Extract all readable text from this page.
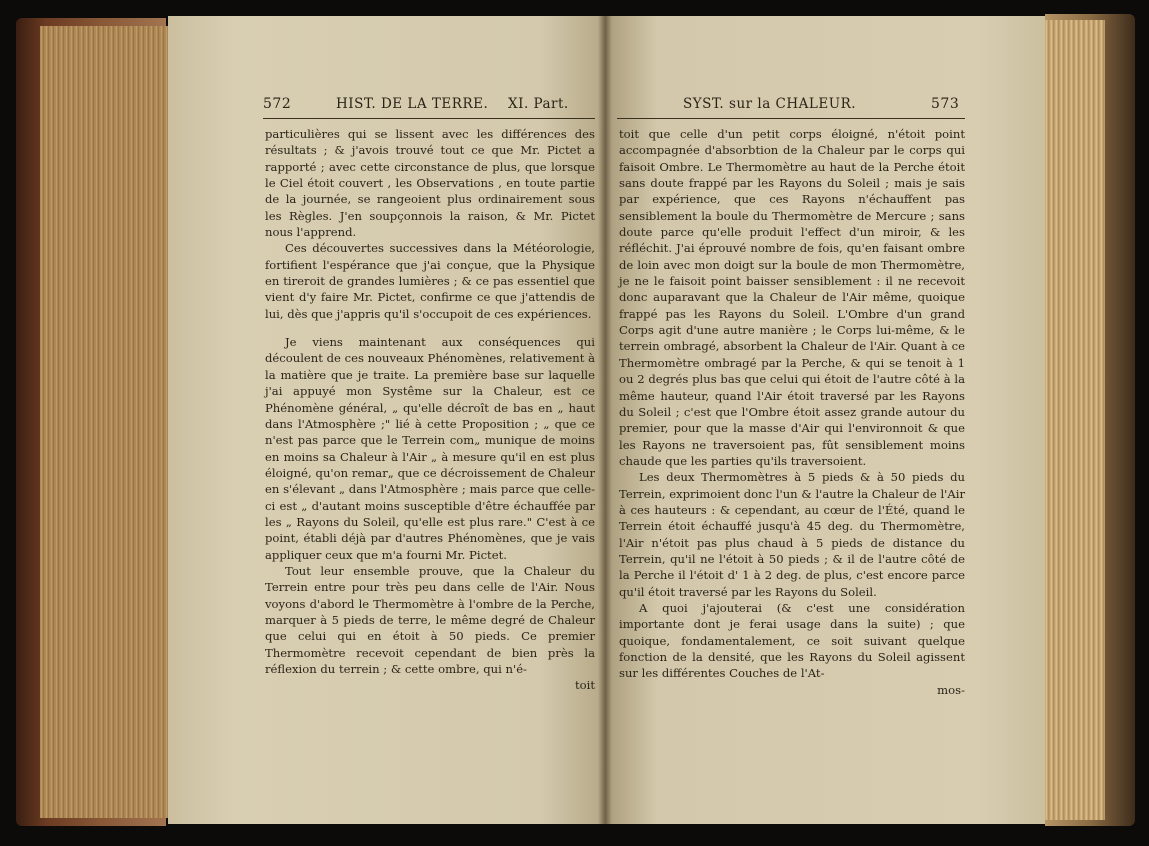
572	HIST. DE LA TERRE. XI. Part.

particulières qui se lissent avec les différences des résultats ; & j'avois trouvé tout ce que Mr. Pictet a rapporté ; avec cette circonstance de plus, que lorsque le Ciel étoit couvert , les Observations , en toute partie de la journée, se rangeoient plus ordinairement sous les Règles. J'en soupçonnois la raison, & Mr. Pictet nous l'apprend.

Ces découvertes successives dans la Météorologie, fortifient l'espérance que j'ai conçue, que la Physique en tireroit de grandes lumières ; & ce pas essentiel que vient d'y faire Mr. Pictet, confirme ce que j'attendis de lui, dès que j'appris qu'il s'occupoit de ces expériences.

Je viens maintenant aux conséquences qui découlent de ces nouveaux Phénomènes, relativement à la matière que je traite. La première base sur laquelle j'ai appuyé mon Systême sur la Chaleur, est ce Phénomène général, „ qu'elle décroît de bas en „ haut dans l'Atmosphère ;" lié à cette Proposition ; „ que ce n'est pas parce que le Terrein com„ munique de moins en moins sa Chaleur à l'Air „ à mesure qu'il en est plus éloigné, qu'on remar„ que ce décroissement de Chaleur en s'élevant „ dans l'Atmosphère ; mais parce que celle-ci est „ d'autant moins susceptible d'être échauffée par les „ Rayons du Soleil, qu'elle est plus rare." C'est à ce point, établi déjà par d'autres Phénomènes, que je vais appliquer ceux que m'a fourni Mr. Pictet.

Tout leur ensemble prouve, que la Chaleur du Terrein entre pour très peu dans celle de l'Air. Nous voyons d'abord le Thermomètre à l'ombre de la Perche, marquer à 5 pieds de terre, le même degré de Chaleur que celui qui en étoit à 50 pieds. Ce premier Thermomètre recevoit cependant de bien près la réflexion du terrein ; & cette ombre, qui n'é-

toit

SYST. sur la CHALEUR.	573

toit que celle d'un petit corps éloigné, n'étoit point accompagnée d'absorbtion de la Chaleur par le corps qui faisoit Ombre. Le Thermomètre au haut de la Perche étoit sans doute frappé par les Rayons du Soleil ; mais je sais par expérience, que ces Rayons n'échauffent pas sensiblement la boule du Thermomètre de Mercure ; sans doute parce qu'elle produit l'effect d'un miroir, & les réfléchit. J'ai éprouvé nombre de fois, qu'en faisant ombre de loin avec mon doigt sur la boule de mon Thermomètre, je ne le faisoit point baisser sensiblement : il ne recevoit donc auparavant que la Chaleur de l'Air même, quoique frappé pas les Rayons du Soleil. L'Ombre d'un grand Corps agit d'une autre manière ; le Corps lui-même, & le terrein ombragé, absorbent la Chaleur de l'Air. Quant à ce Thermomètre ombragé par la Perche, & qui se tenoit à 1 ou 2 degrés plus bas que celui qui étoit de l'autre côté à la même hauteur, quand l'Air étoit traversé par les Rayons du Soleil ; c'est que l'Ombre étoit assez grande autour du premier, pour que la masse d'Air qui l'environnoit & que les Rayons ne traversoient pas, fût sensiblement moins chaude que les parties qu'ils traversoient.

Les deux Thermomètres à 5 pieds & à 50 pieds du Terrein, exprimoient donc l'un & l'autre la Chaleur de l'Air à ces hauteurs : & cependant, au cœur de l'Été, quand le Terrein étoit échauffé jusqu'à 45 deg. du Thermomètre, l'Air n'étoit pas plus chaud à 5 pieds de distance du Terrein, qu'il ne l'étoit à 50 pieds ; & il de l'autre côté de la Perche il l'étoit d' 1 à 2 deg. de plus, c'est encore parce qu'il étoit traversé par les Rayons du Soleil.

A quoi j'ajouterai (& c'est une considération importante dont je ferai usage dans la suite) ; que quoique, fondamentalement, ce soit suivant quelque fonction de la densité, que les Rayons du Soleil agissent sur les différentes Couches de l'At-

mos-
